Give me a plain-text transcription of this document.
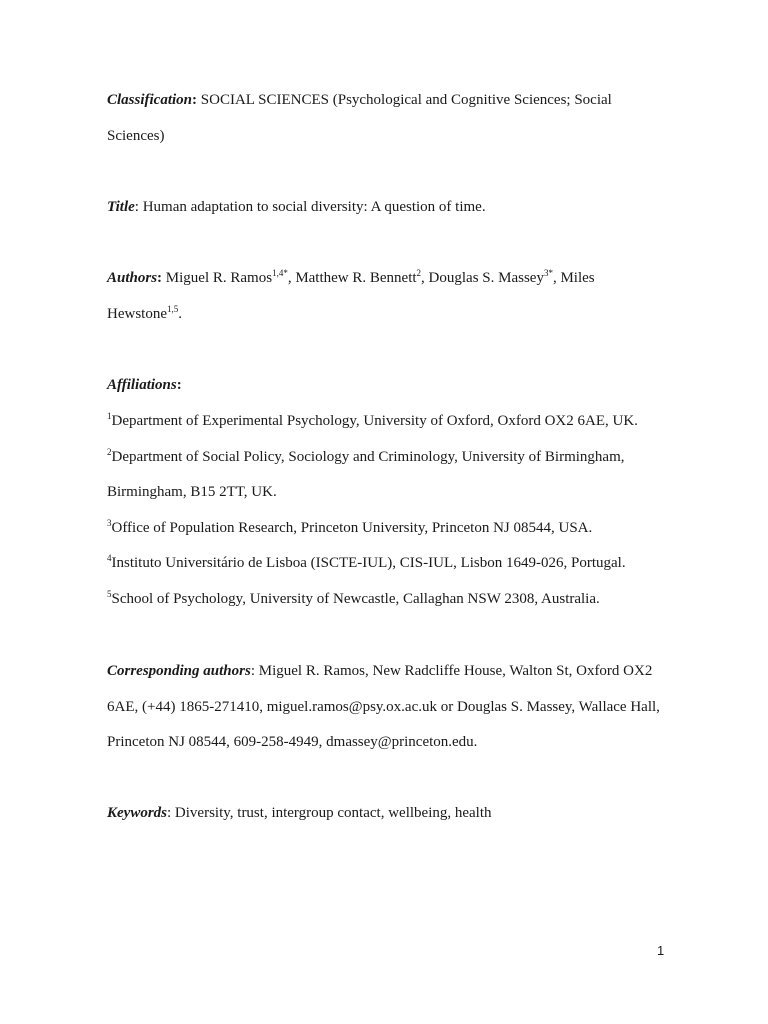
Classification: SOCIAL SCIENCES (Psychological and Cognitive Sciences; Social
Sciences)
Title: Human adaptation to social diversity: A question of time.
Authors: Miguel R. Ramos$^{1,4*}$, Matthew R. Bennett$^2$, Douglas S. Massey$^{3*}$, Miles
Hewstone$^{1,5}$.
Affiliations:
$^1$Department of Experimental Psychology, University of Oxford, Oxford OX2 6AE, UK.
$^2$Department of Social Policy, Sociology and Criminology, University of Birmingham,
Birmingham, B15 2TT, UK.
$^3$Office of Population Research, Princeton University, Princeton NJ 08544, USA.
$^4$Instituto Universitário de Lisboa (ISCTE-IUL), CIS-IUL, Lisbon 1649-026, Portugal.
$^5$School of Psychology, University of Newcastle, Callaghan NSW 2308, Australia.
Corresponding authors: Miguel R. Ramos, New Radcliffe House, Walton St, Oxford OX2
6AE, (+44) 1865-271410, miguel.ramos@psy.ox.ac.uk or Douglas S. Massey, Wallace Hall,
Princeton NJ 08544, 609-258-4949, dmassey@princeton.edu.
Keywords: Diversity, trust, intergroup contact, wellbeing, health
1
